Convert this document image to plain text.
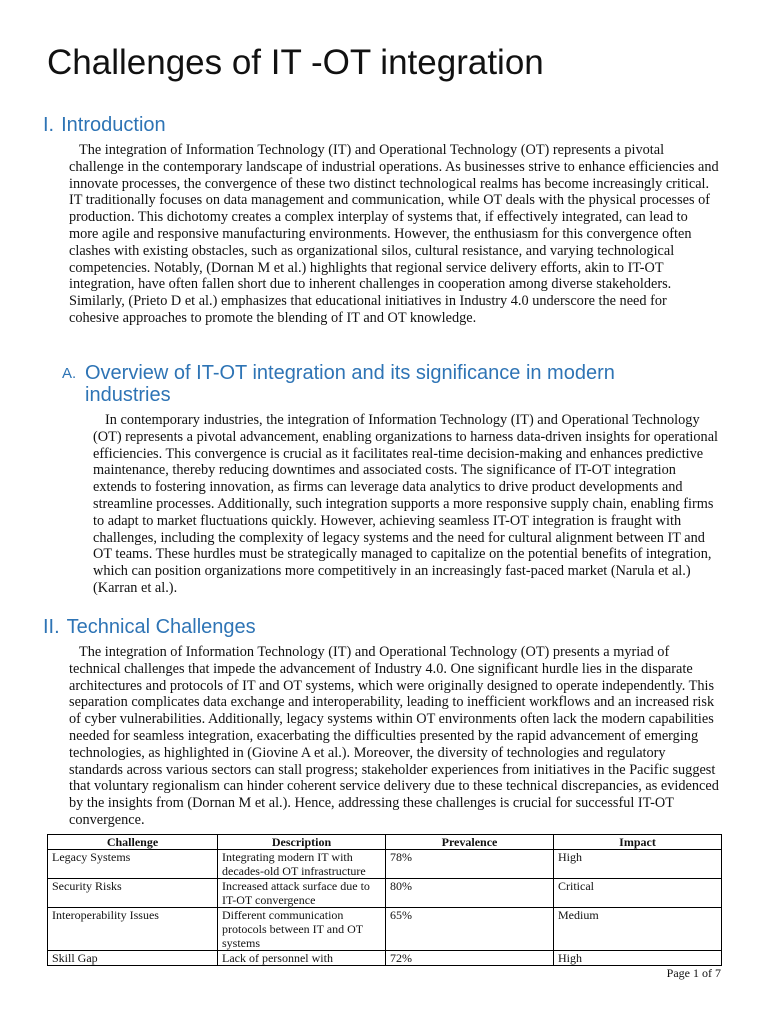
Challenges of IT -OT integration
I. Introduction

The integration of Information Technology (IT) and Operational Technology (OT) represents a pivotal challenge in the contemporary landscape of industrial operations. As businesses strive to enhance efficiencies and innovate processes, the convergence of these two distinct technological realms has become increasingly critical. IT traditionally focuses on data management and communication, while OT deals with the physical processes of production. This dichotomy creates a complex interplay of systems that, if effectively integrated, can lead to more agile and responsive manufacturing environments. However, the enthusiasm for this convergence often clashes with existing obstacles, such as organizational silos, cultural resistance, and varying technological competencies. Notably, (Dornan M et al.) highlights that regional service delivery efforts, akin to IT-OT integration, have often fallen short due to inherent challenges in cooperation among diverse stakeholders. Similarly, (Prieto D et al.) emphasizes that educational initiatives in Industry 4.0 underscore the need for cohesive approaches to promote the blending of IT and OT knowledge.

A. Overview of IT-OT integration and its significance in modern industries

In contemporary industries, the integration of Information Technology (IT) and Operational Technology (OT) represents a pivotal advancement, enabling organizations to harness data-driven insights for operational efficiencies. This convergence is crucial as it facilitates real-time decision-making and enhances predictive maintenance, thereby reducing downtimes and associated costs. The significance of IT-OT integration extends to fostering innovation, as firms can leverage data analytics to drive product developments and streamline processes. Additionally, such integration supports a more responsive supply chain, enabling firms to adapt to market fluctuations quickly. However, achieving seamless IT-OT integration is fraught with challenges, including the complexity of legacy systems and the need for cultural alignment between IT and OT teams. These hurdles must be strategically managed to capitalize on the potential benefits of integration, which can position organizations more competitively in an increasingly fast-paced market (Narula et al.)(Karran et al.).

II. Technical Challenges

The integration of Information Technology (IT) and Operational Technology (OT) presents a myriad of technical challenges that impede the advancement of Industry 4.0. One significant hurdle lies in the disparate architectures and protocols of IT and OT systems, which were originally designed to operate independently. This separation complicates data exchange and interoperability, leading to inefficient workflows and an increased risk of cyber vulnerabilities. Additionally, legacy systems within OT environments often lack the modern capabilities needed for seamless integration, exacerbating the difficulties presented by the rapid advancement of emerging technologies, as highlighted in (Giovine A et al.). Moreover, the diversity of technologies and regulatory standards across various sectors can stall progress; stakeholder experiences from initiatives in the Pacific suggest that voluntary regionalism can hinder coherent service delivery due to these technical discrepancies, as evidenced by the insights from (Dornan M et al.). Hence, addressing these challenges is crucial for successful IT-OT convergence.

Challenge	Description	Prevalence	Impact
Legacy Systems	Integrating modern IT with decades-old OT infrastructure	78%	High
Security Risks	Increased attack surface due to IT-OT convergence	80%	Critical
Interoperability Issues	Different communication protocols between IT and OT systems	65%	Medium
Skill Gap	Lack of personnel with	72%	High
Page 1 of 7
